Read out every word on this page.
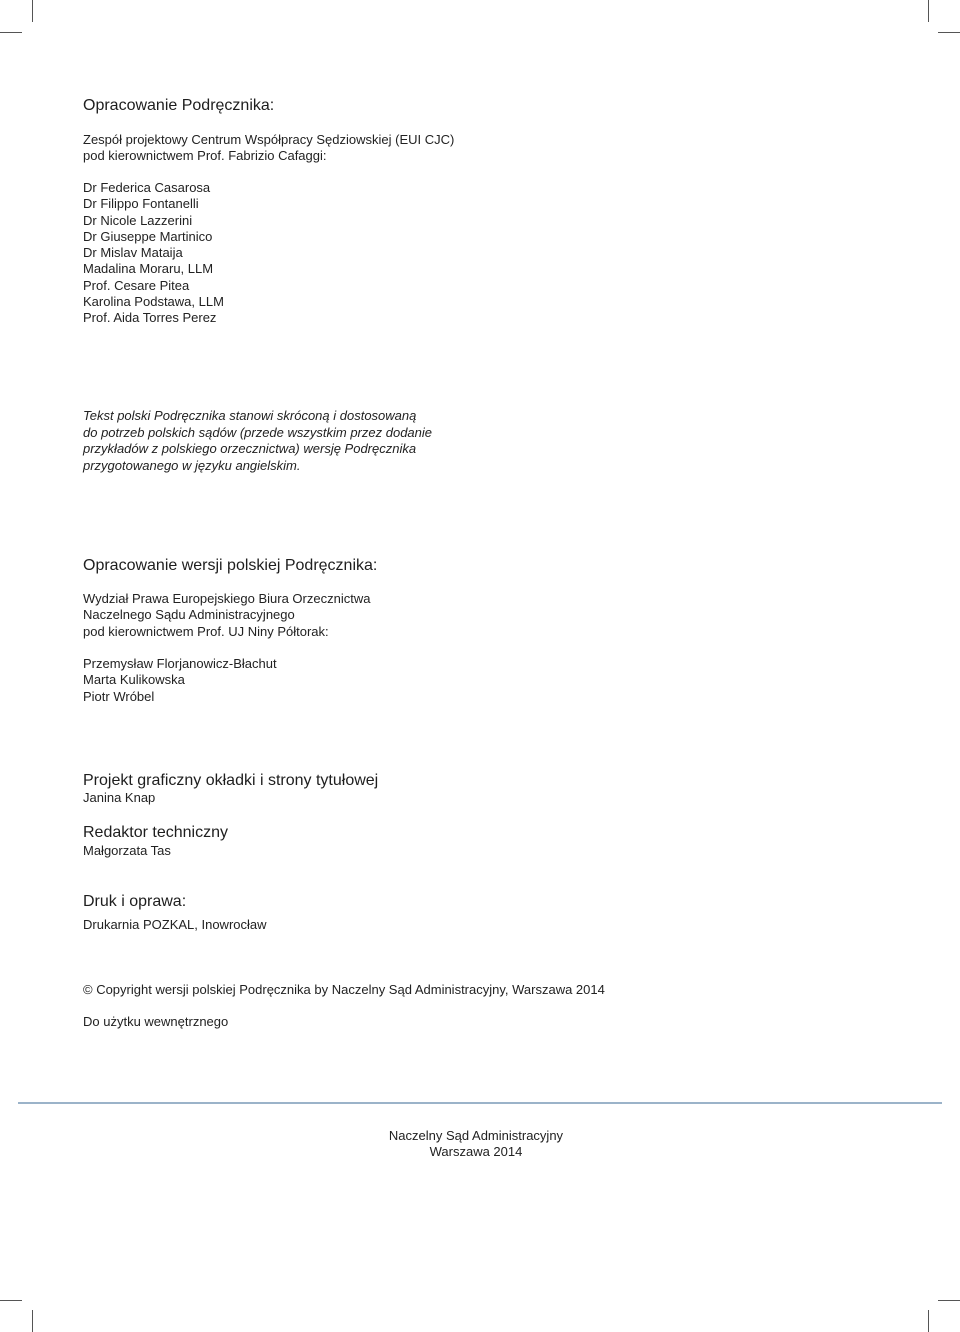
Opracowanie Podręcznika:
Zespół projektowy Centrum Współpracy Sędziowskiej (EUI CJC)
pod kierownictwem Prof. Fabrizio Cafaggi:
Dr Federica Casarosa
Dr Filippo Fontanelli
Dr Nicole Lazzerini
Dr Giuseppe Martinico
Dr Mislav Mataija
Madalina Moraru, LLM
Prof. Cesare Pitea
Karolina Podstawa, LLM
Prof. Aida Torres Perez
Tekst polski Podręcznika stanowi skróconą i dostosowaną
do potrzeb polskich sądów (przede wszystkim przez dodanie
przykładów z polskiego orzecznictwa) wersję Podręcznika
przygotowanego w języku angielskim.
Opracowanie wersji polskiej Podręcznika:
Wydział Prawa Europejskiego Biura Orzecznictwa
Naczelnego Sądu Administracyjnego
pod kierownictwem Prof. UJ Niny Półtorak:
Przemysław Florjanowicz-Błachut
Marta Kulikowska
Piotr Wróbel
Projekt graficzny okładki i strony tytułowej
Janina Knap
Redaktor techniczny
Małgorzata Tas
Druk i oprawa:
Drukarnia POZKAL, Inowrocław
© Copyright wersji polskiej Podręcznika by Naczelny Sąd Administracyjny, Warszawa 2014
Do użytku wewnętrznego
Naczelny Sąd Administracyjny
Warszawa 2014
